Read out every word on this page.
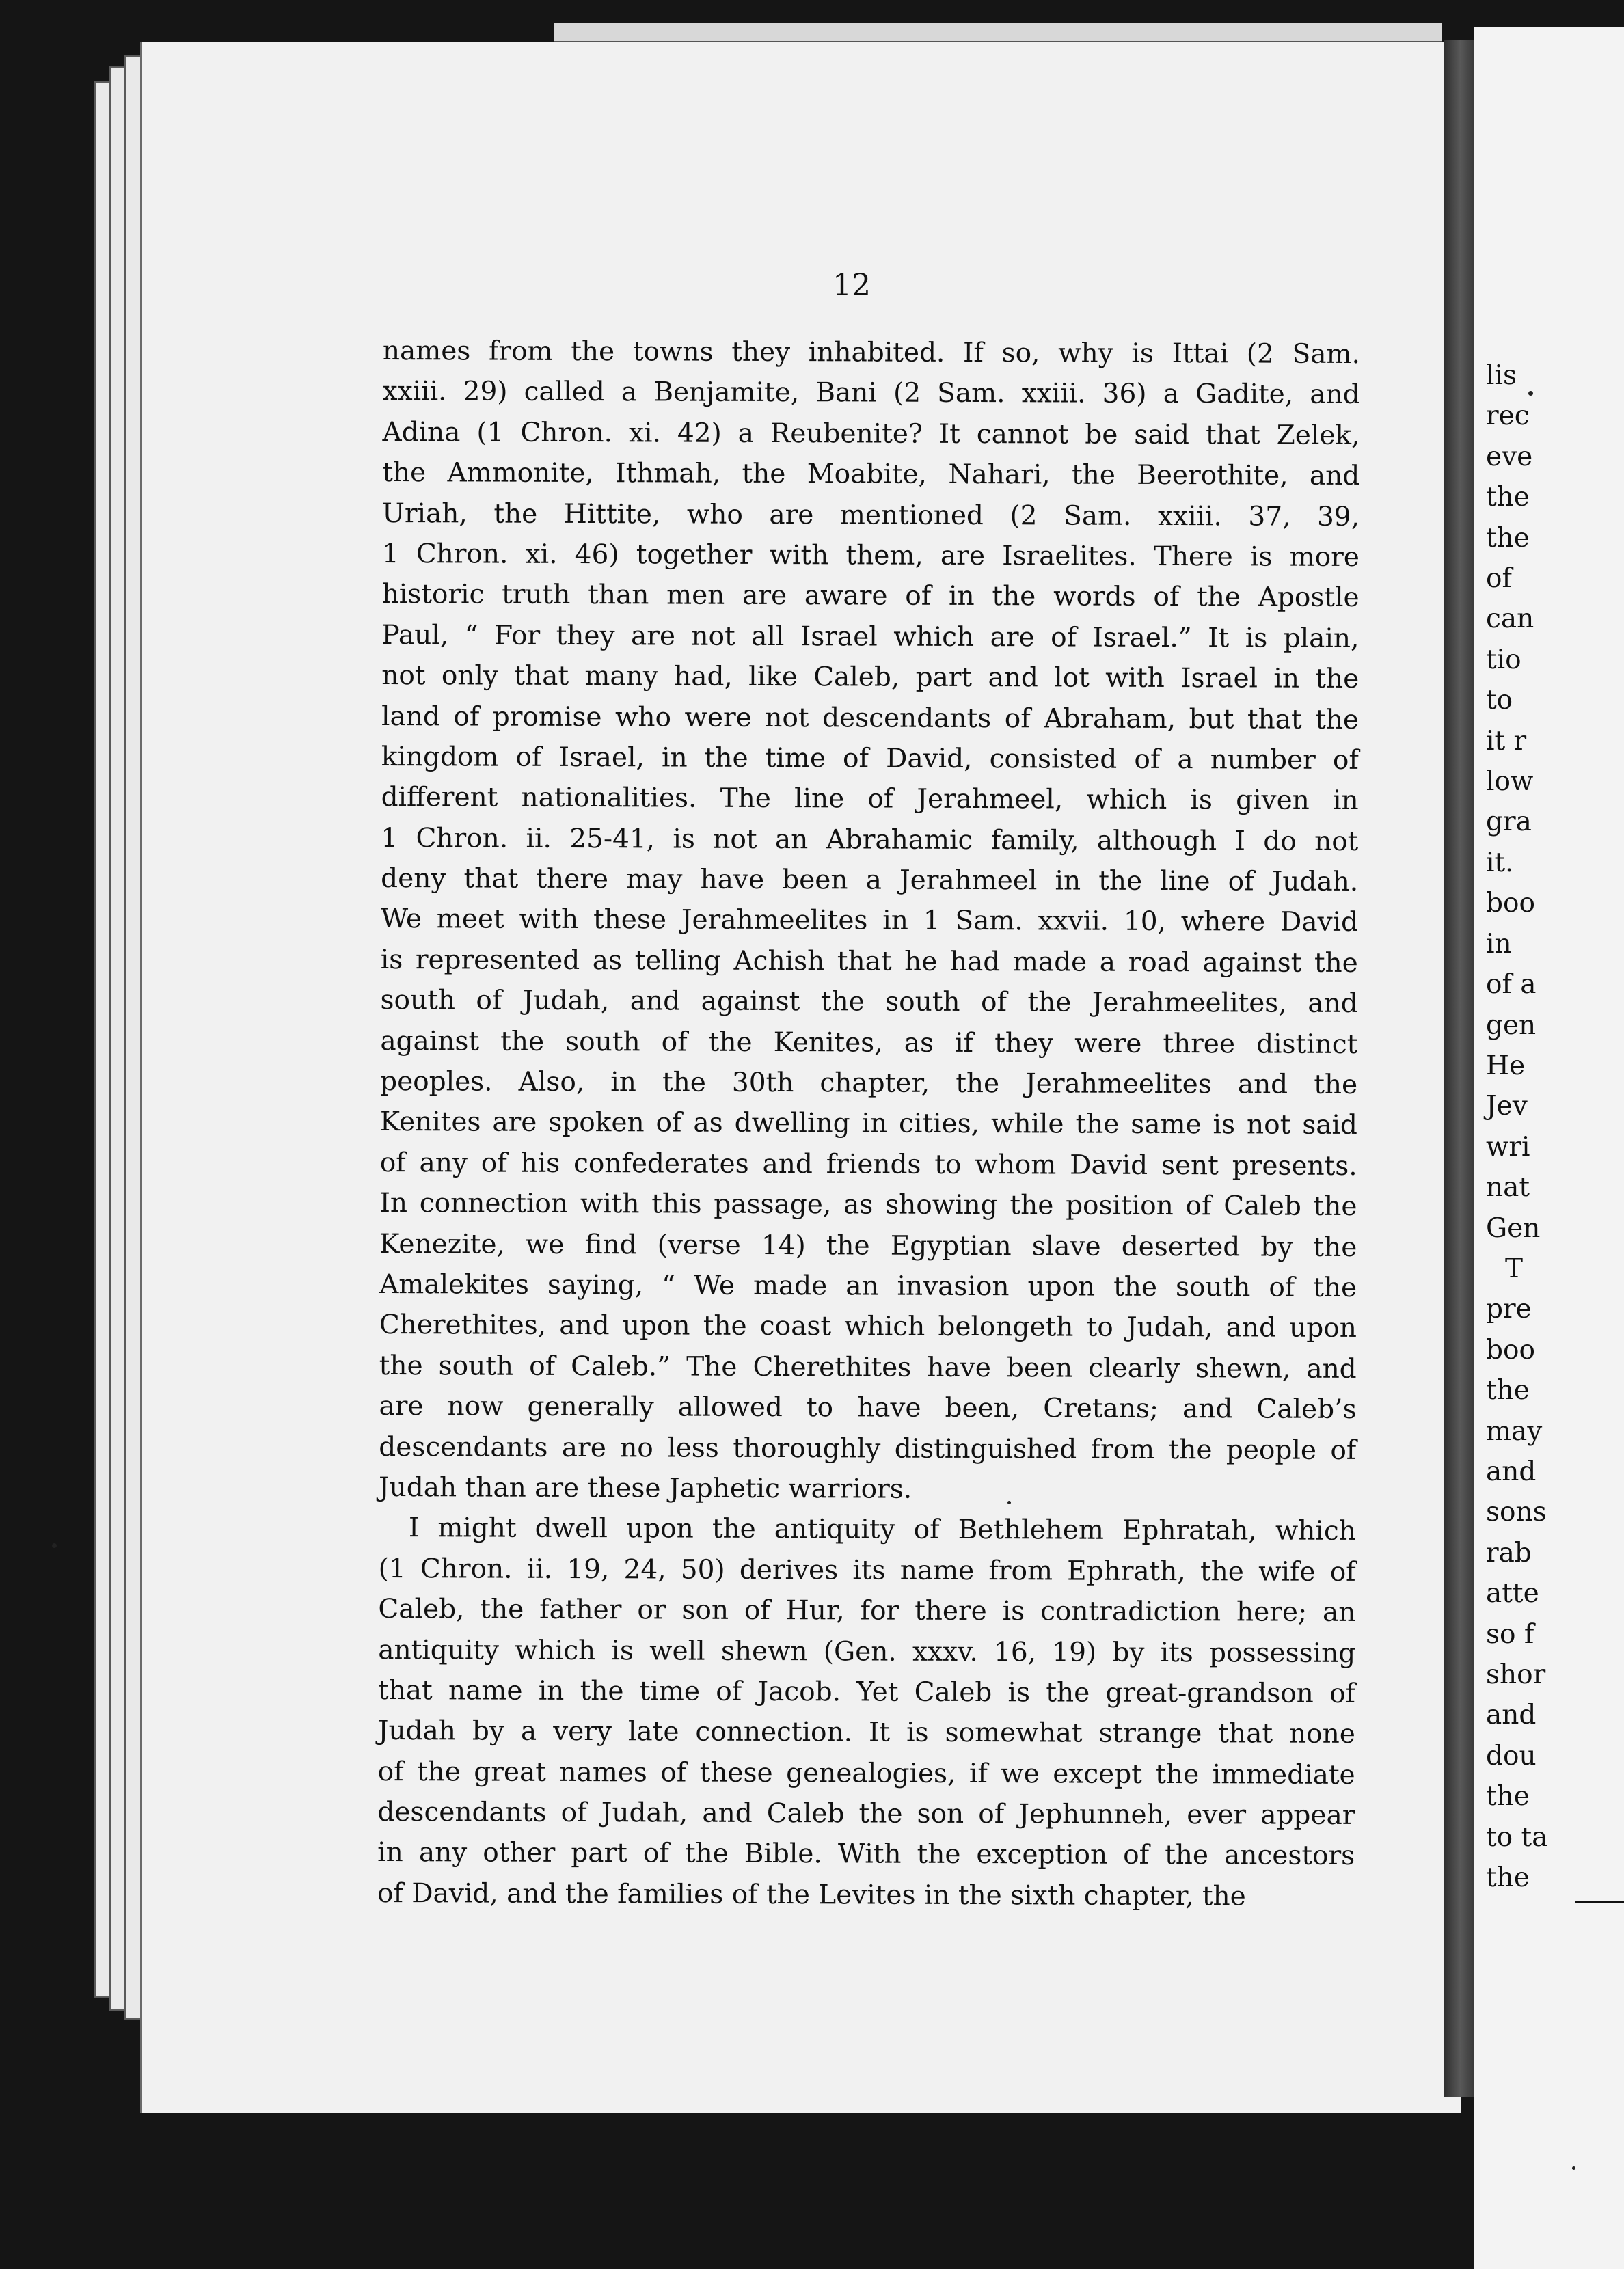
12
names from the towns they inhabited. If so, why is Ittai (2 Sam.
xxiii. 29) called a Benjamite, Bani (2 Sam. xxiii. 36) a Gadite, and
Adina (1 Chron. xi. 42) a Reubenite? It cannot be said that Zelek,
the Ammonite, Ithmah, the Moabite, Nahari, the Beerothite, and
Uriah, the Hittite, who are mentioned (2 Sam. xxiii. 37, 39,
1 Chron. xi. 46) together with them, are Israelites. There is more
historic truth than men are aware of in the words of the Apostle
Paul, “ For they are not all Israel which are of Israel.” It is plain,
not only that many had, like Caleb, part and lot with Israel in the
land of promise who were not descendants of Abraham, but that the
kingdom of Israel, in the time of David, consisted of a number of
different nationalities. The line of Jerahmeel, which is given in
1 Chron. ii. 25-41, is not an Abrahamic family, although I do not
deny that there may have been a Jerahmeel in the line of Judah.
We meet with these Jerahmeelites in 1 Sam. xxvii. 10, where David
is represented as telling Achish that he had made a road against the
south of Judah, and against the south of the Jerahmeelites, and
against the south of the Kenites, as if they were three distinct
peoples. Also, in the 30th chapter, the Jerahmeelites and the
Kenites are spoken of as dwelling in cities, while the same is not said
of any of his confederates and friends to whom David sent presents.
In connection with this passage, as showing the position of Caleb the
Kenezite, we find (verse 14) the Egyptian slave deserted by the
Amalekites saying, “ We made an invasion upon the south of the
Cherethites, and upon the coast which belongeth to Judah, and upon
the south of Caleb.” The Cherethites have been clearly shewn, and
are now generally allowed to have been, Cretans; and Caleb’s
descendants are no less thoroughly distinguished from the people of
Judah than are these Japhetic warriors.
I might dwell upon the antiquity of Bethlehem Ephratah, which
(1 Chron. ii. 19, 24, 50) derives its name from Ephrath, the wife of
Caleb, the father or son of Hur, for there is contradiction here; an
antiquity which is well shewn (Gen. xxxv. 16, 19) by its possessing
that name in the time of Jacob. Yet Caleb is the great-grandson of
Judah by a very late connection. It is somewhat strange that none
of the great names of these genealogies, if we except the immediate
descendants of Judah, and Caleb the son of Jephunneh, ever appear
in any other part of the Bible. With the exception of the ancestors
of David, and the families of the Levites in the sixth chapter, the
lis
rec
eve
the
the
of
can
tio
to
it r
low
gra
it.
boo
in
of a
gen
He
Jev
wri
nat
Gen
T
pre
boo
the
may
and
sons
rab
atte
so f
shor
and
dou
the
to ta
the
